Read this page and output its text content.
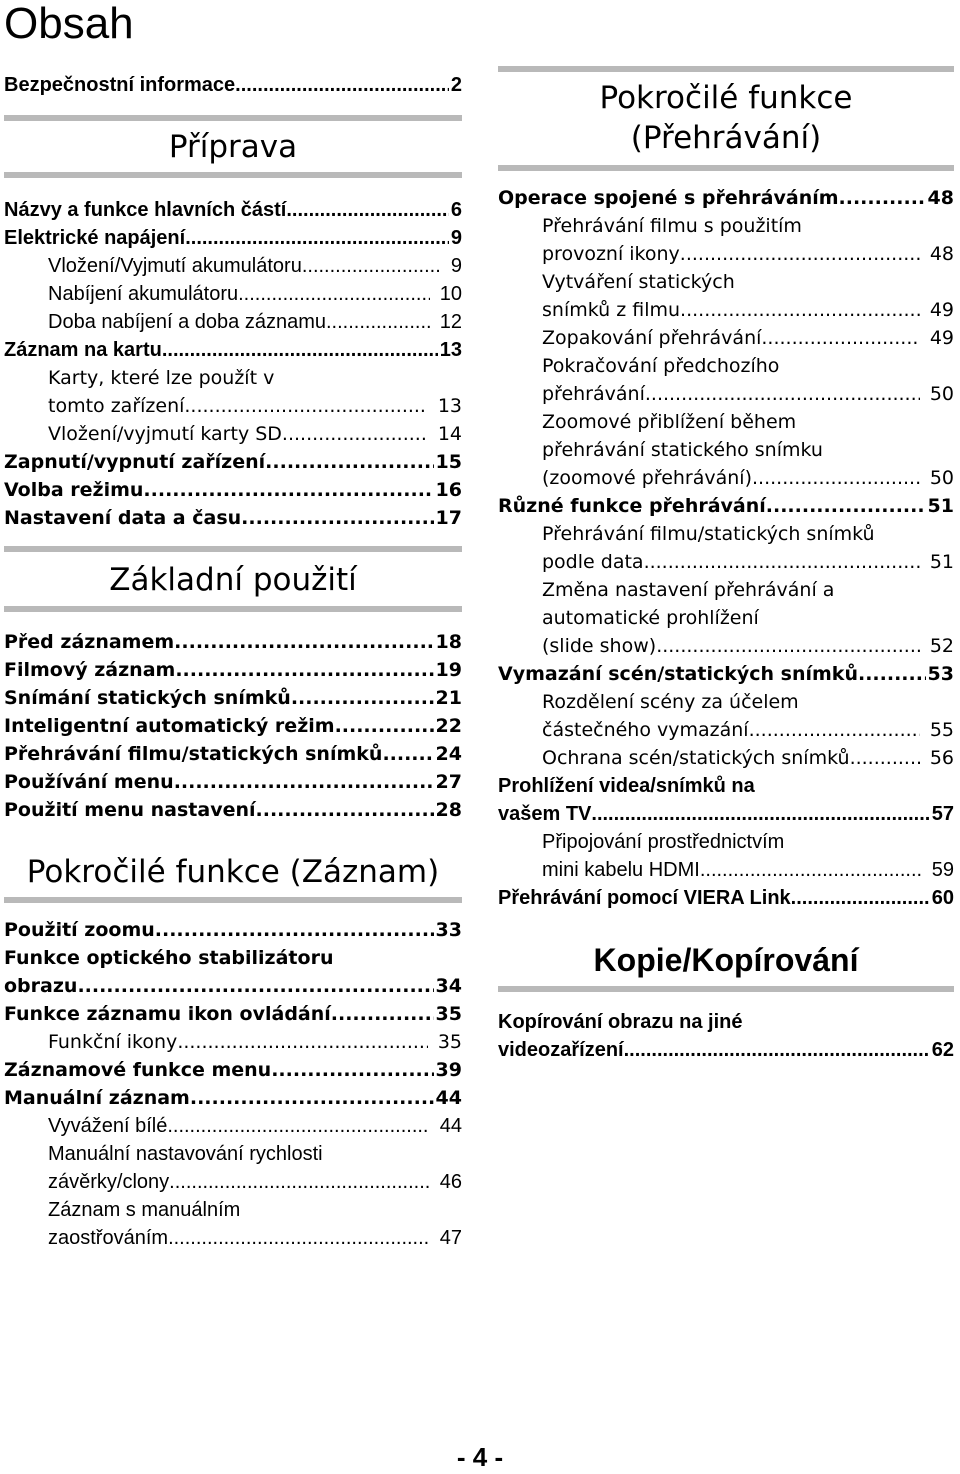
Obsah
Příprava
Základní použití
Pokročilé funkce (Záznam)
Bezpečnostní informace .....	2
Názvy a funkce hlavních částí .....	6
Elektrické napájení .....	9
Vložení/Vyjmutí akumulátoru .....	9
Nabíjení akumulátoru .....	10
Doba nabíjení a doba záznamu .....	12
Záznam na kartu. .....	13
Karty, které lze použít v
tomto zařízení .....	13
Vložení/vyjmutí karty SD .....	14
Zapnutí/vypnutí zařízení .....	15
Volba režimu .....	16
Nastavení data a času .....	17
Před záznamem .....	18
Filmový záznam .....	19
Snímání statických snímků .....	21
Inteligentní automatický režim .....	22
Přehrávání filmu/statických snímků .....	24
Používání menu .....	27
Použití menu nastavení .....	28
Použití zoomu .....	33
Funkce optického stabilizátoru
obrazu .....	34
Funkce záznamu ikon ovládání .....	35
Funkční ikony .....	35
Záznamové funkce menu .....	39
Manuální záznam .....	44
Vyvážení bílé .....	44
Manuální nastavování rychlosti
závěrky/clony .....	46
Záznam s manuálním
zaostřováním .....	47
Pokročilé funkce
(Přehrávání)
Kopie/Kopírování
Operace spojené s přehráváním .....	48
Přehrávání filmu s použitím
provozní ikony .....	48
Vytváření statických
snímků z filmu .....	49
Zopakování přehrávání .....	49
Pokračování předchozího
přehrávání .....	50
Zoomové přiblížení během
přehrávání statického snímku
(zoomové přehrávání) .....	50
Různé funkce přehrávání .....	51
Přehrávání filmu/statických snímků
podle data .....	51
Změna nastavení přehrávání a
automatické prohlížení
(slide show) .....	52
Vymazání scén/statických snímků .....	53
Rozdělení scény za účelem
částečného vymazání .....	55
Ochrana scén/statických snímků .....	56
Prohlížení videa/snímků na
vašem TV .....	57
Připojování prostřednictvím
mini kabelu HDMI .....	59
Přehrávání pomocí VIERA Link .....	60
Kopírování obrazu na jiné
videozařízení .....	62
- 4 -
